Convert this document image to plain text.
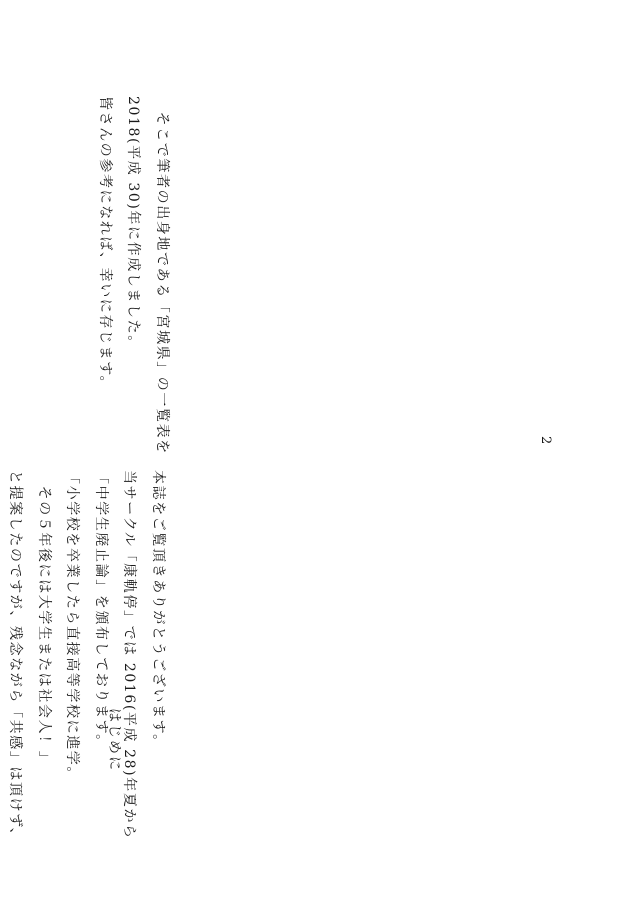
はじめに	本誌をご覧頂きありがとうございます。
当サークル「康軌停」では 2016(平成 28)年夏から
「中学生廃止論」を頒布しております。
「小学校を卒業したら直接高等学校に進学。
　その５年後には大学生または社会人！」
と提案したのですが、残念ながら「共感」は頂けず、
　そこで筆者の出身地である「宮城県」の一覧表を
2018(平成 30)年に作成しました。
皆さんの参考になれば、幸いに存じます。
2
